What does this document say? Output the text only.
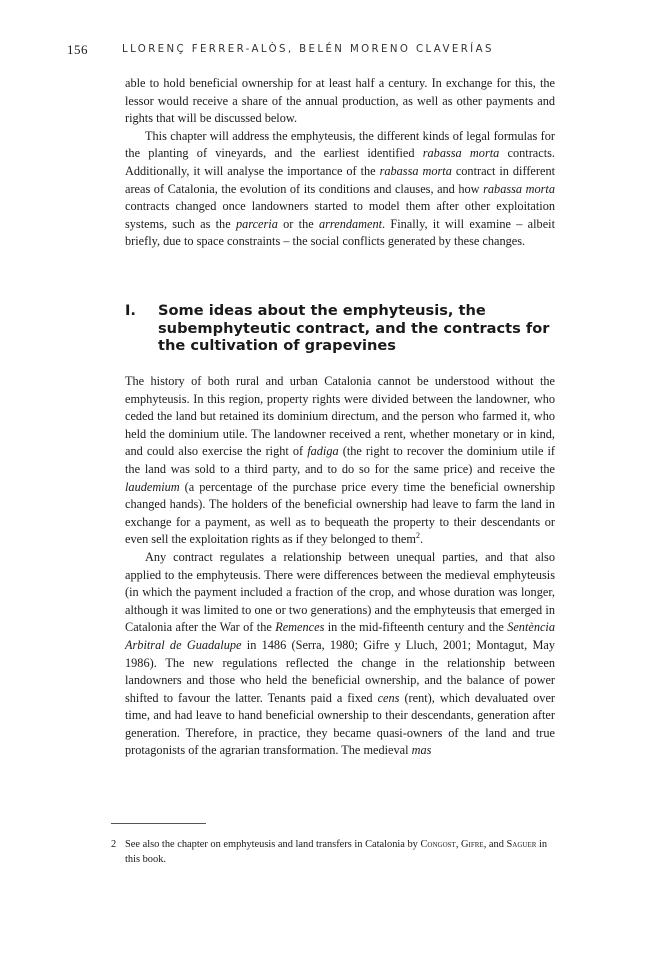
156	LLORENÇ FERRER-ALÒS, BELÉN MORENO CLAVERÍAS

able to hold beneficial ownership for at least half a century. In exchange for this, the lessor would receive a share of the annual production, as well as other payments and rights that will be discussed below.

This chapter will address the emphyteusis, the different kinds of legal formulas for the planting of vineyards, and the earliest identified rabassa morta contracts. Additionally, it will analyse the importance of the rabassa morta contract in different areas of Catalonia, the evolution of its conditions and clauses, and how rabassa morta contracts changed once landowners started to model them after other exploitation systems, such as the parceria or the arrendament. Finally, it will examine – albeit briefly, due to space constraints – the social conflicts generated by these changes.

I. Some ideas about the emphyteusis, the subemphyteutic contract, and the contracts for the cultivation of grapevines

The history of both rural and urban Catalonia cannot be understood without the emphyteusis. In this region, property rights were divided between the landowner, who ceded the land but retained its dominium directum, and the person who farmed it, who held the dominium utile. The landowner received a rent, whether monetary or in kind, and could also exercise the right of fadiga (the right to recover the dominium utile if the land was sold to a third party, and to do so for the same price) and receive the laudemium (a percentage of the purchase price every time the beneficial ownership changed hands). The holders of the beneficial ownership had leave to farm the land in exchange for a payment, as well as to bequeath the property to their descendants or even sell the exploitation rights as if they belonged to them$^2$.

Any contract regulates a relationship between unequal parties, and that also applied to the emphyteusis. There were differences between the medieval emphyteusis (in which the payment included a fraction of the crop, and whose duration was longer, although it was limited to one or two generations) and the emphyteusis that emerged in Catalonia after the War of the Remences in the mid-fifteenth century and the Sentència Arbitral de Guadalupe in 1486 (Serra, 1980; Gifre y Lluch, 2001; Montagut, May 1986). The new regulations reflected the change in the relationship between landowners and those who held the beneficial ownership, and the balance of power shifted to favour the latter. Tenants paid a fixed cens (rent), which devaluated over time, and had leave to hand beneficial ownership to their descendants, generation after generation. Therefore, in practice, they became quasi-owners of the land and true protagonists of the agrarian transformation. The medieval mas

2 See also the chapter on emphyteusis and land transfers in Catalonia by Congost, Gifre, and Saguer in this book.
